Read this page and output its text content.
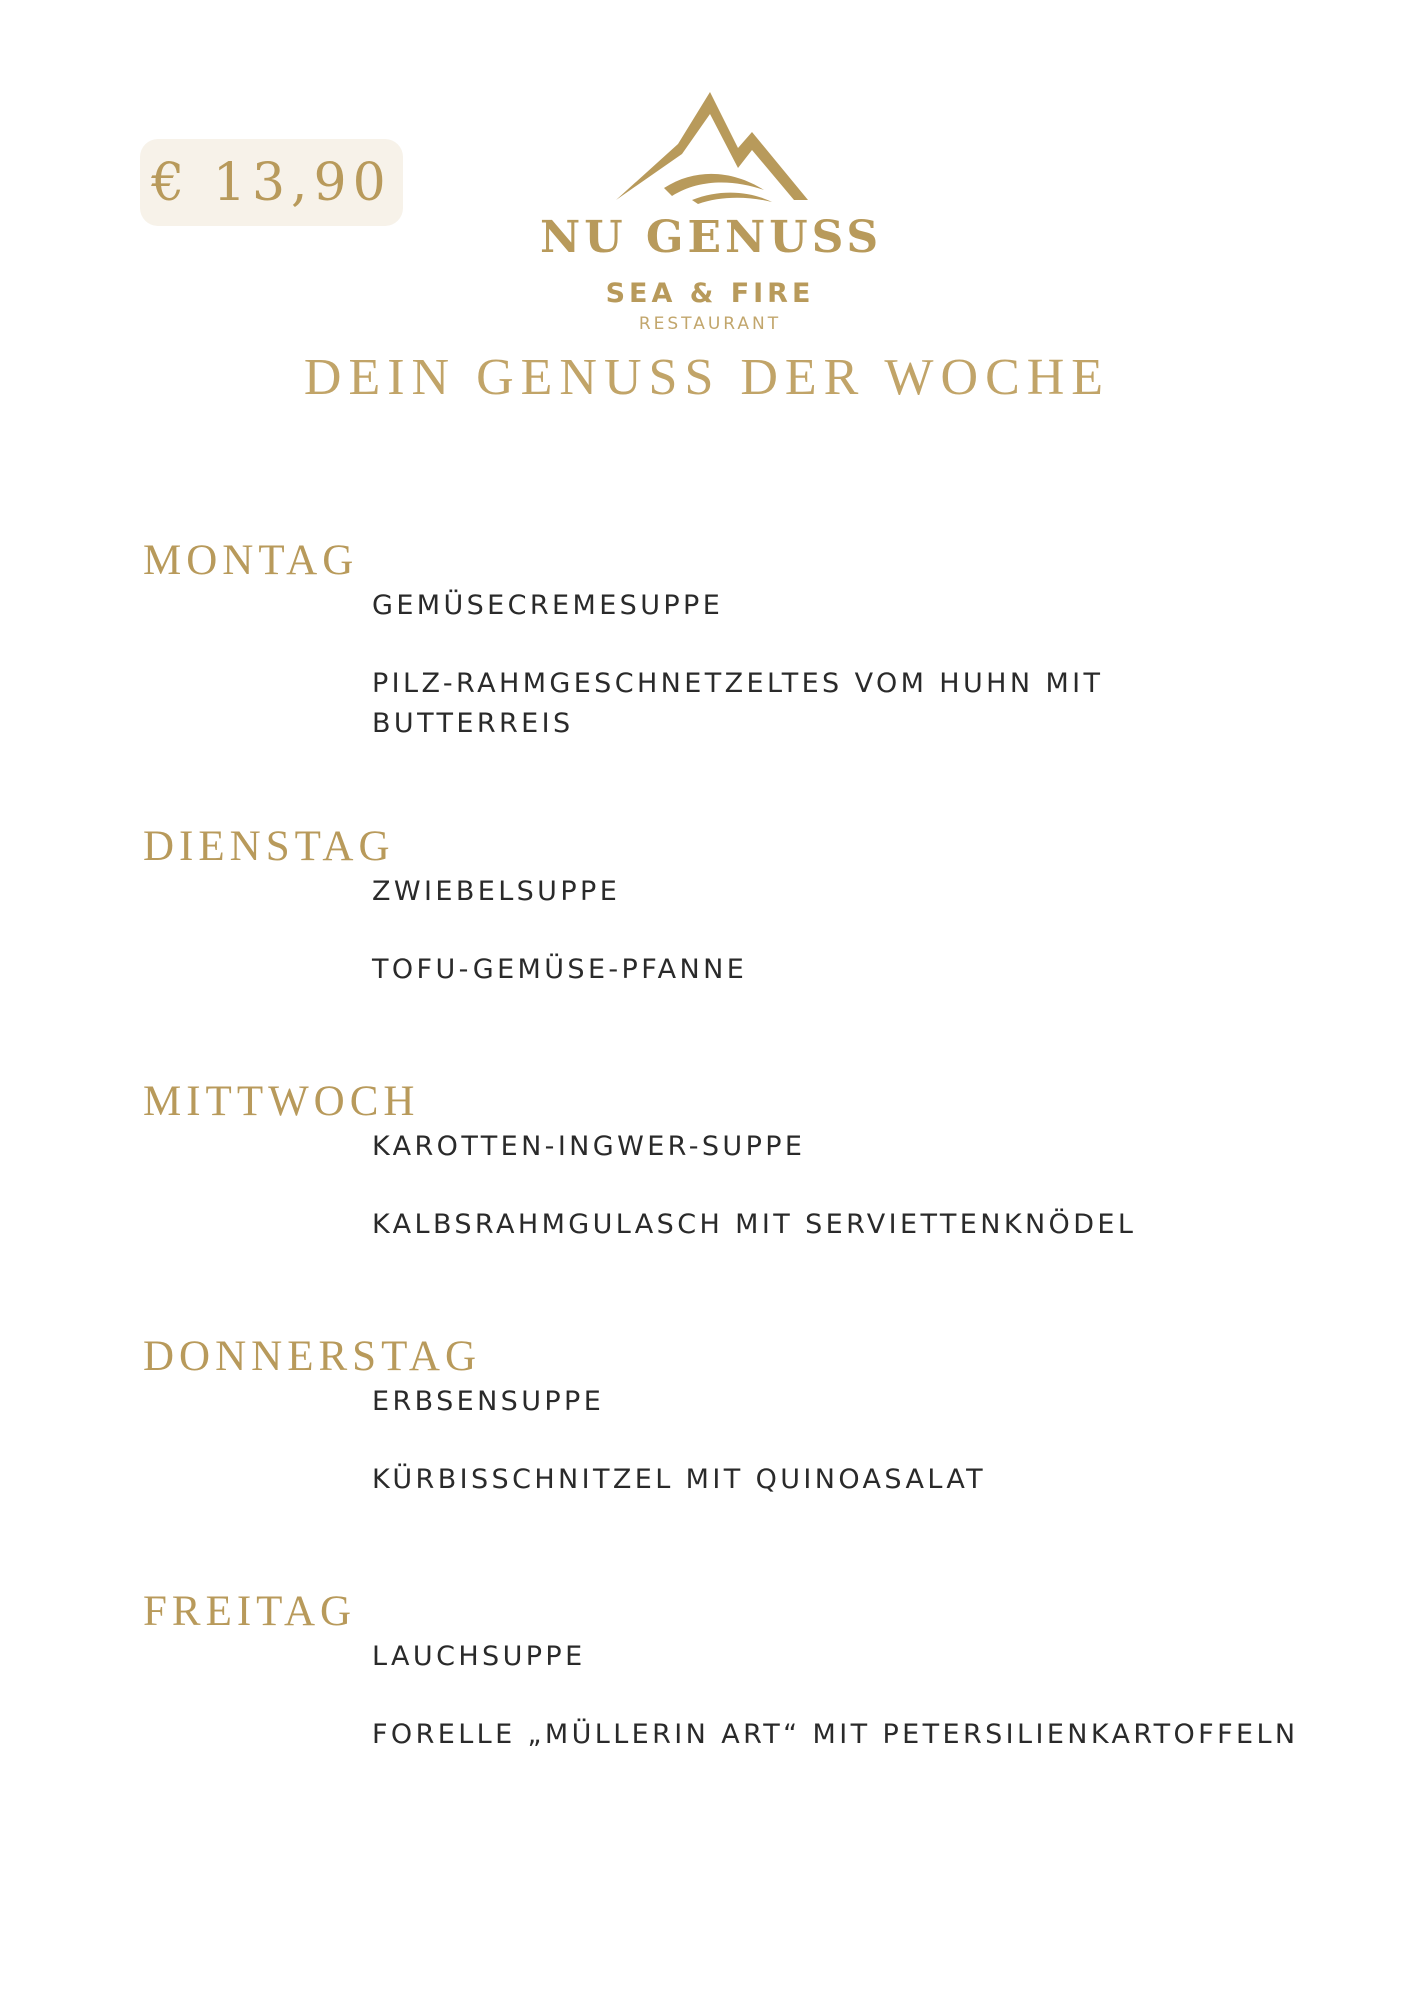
€ 13,90
NU GENUSS
SEA & FIRE
RESTAURANT
DEIN GENUSS DER WOCHE
MONTAG
GEMÜSECREMESUPPE
PILZ-RAHMGESCHNETZELTES VOM HUHN MIT
BUTTERREIS
DIENSTAG
ZWIEBELSUPPE
TOFU-GEMÜSE-PFANNE
MITTWOCH
KAROTTEN-INGWER-SUPPE
KALBSRAHMGULASCH MIT SERVIETTENKNÖDEL
DONNERSTAG
ERBSENSUPPE
KÜRBISSCHNITZEL MIT QUINOASALAT
FREITAG
LAUCHSUPPE
FORELLE „MÜLLERIN ART“ MIT PETERSILIENKARTOFFELN
